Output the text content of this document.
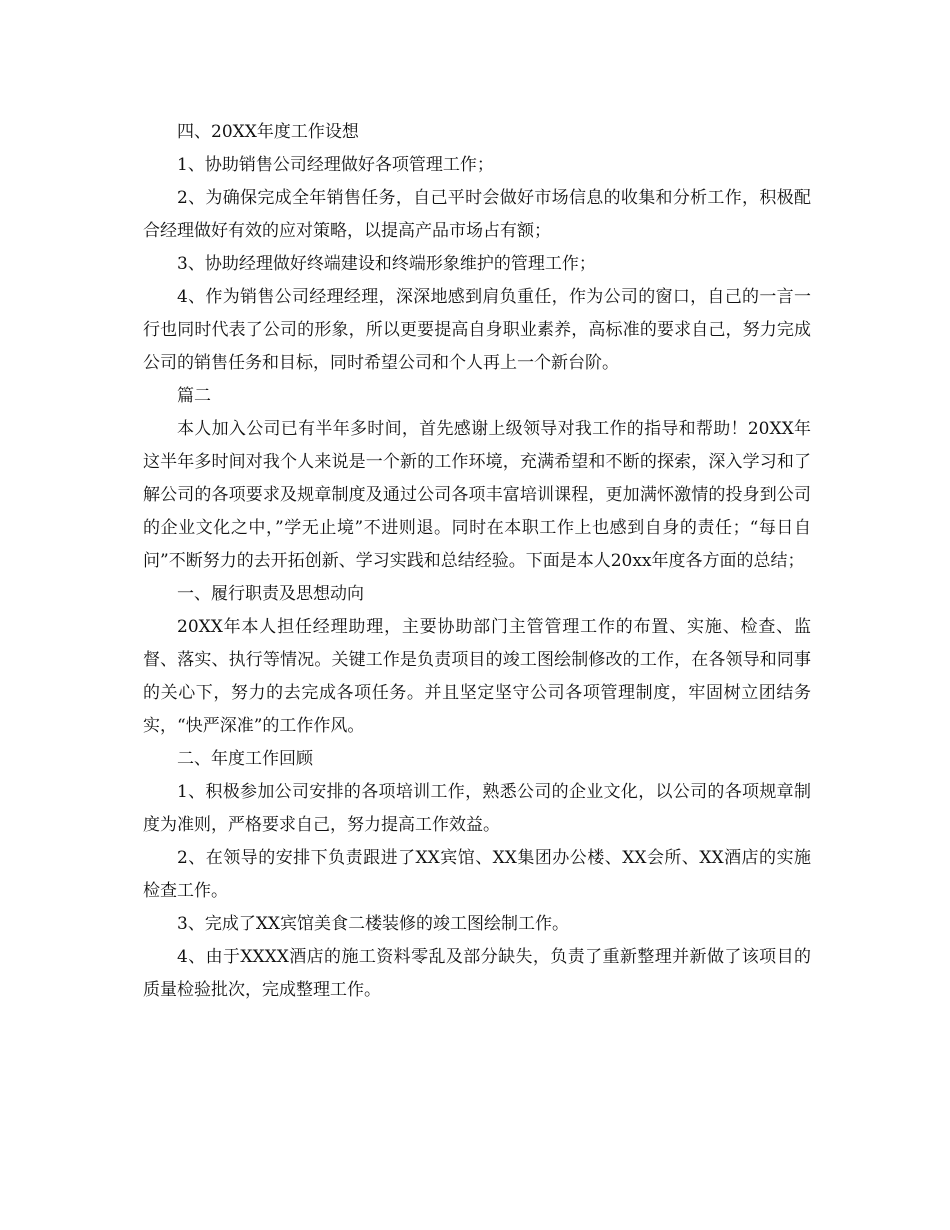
四、20XX年度工作设想

1、协助销售公司经理做好各项管理工作；

2、为确保完成全年销售任务，自己平时会做好市场信息的收集和分析工作，积极配合经理做好有效的应对策略，以提高产品市场占有额；

3、协助经理做好终端建设和终端形象维护的管理工作；

4、作为销售公司经理经理，深深地感到肩负重任，作为公司的窗口，自己的一言一行也同时代表了公司的形象，所以更要提高自身职业素养，高标准的要求自己，努力完成公司的销售任务和目标，同时希望公司和个人再上一个新台阶。

篇二

本人加入公司已有半年多时间，首先感谢上级领导对我工作的指导和帮助！20XX年这半年多时间对我个人来说是一个新的工作环境，充满希望和不断的探索，深入学习和了解公司的各项要求及规章制度及通过公司各项丰富培训课程，更加满怀激情的投身到公司的企业文化之中，”学无止境”不进则退。同时在本职工作上也感到自身的责任；“每日自问”不断努力的去开拓创新、学习实践和总结经验。下面是本人20xx年度各方面的总结；

一、履行职责及思想动向

20XX年本人担任经理助理，主要协助部门主管管理工作的布置、实施、检查、监督、落实、执行等情况。关键工作是负责项目的竣工图绘制修改的工作，在各领导和同事的关心下，努力的去完成各项任务。并且坚定坚守公司各项管理制度，牢固树立团结务实，“快严深准”的工作作风。

二、年度工作回顾

1、积极参加公司安排的各项培训工作，熟悉公司的企业文化，以公司的各项规章制度为准则，严格要求自己，努力提高工作效益。

2、在领导的安排下负责跟进了XX宾馆、XX集团办公楼、XX会所、XX酒店的实施检查工作。

3、完成了XX宾馆美食二楼装修的竣工图绘制工作。

4、由于XXXX酒店的施工资料零乱及部分缺失，负责了重新整理并新做了该项目的质量检验批次，完成整理工作。
